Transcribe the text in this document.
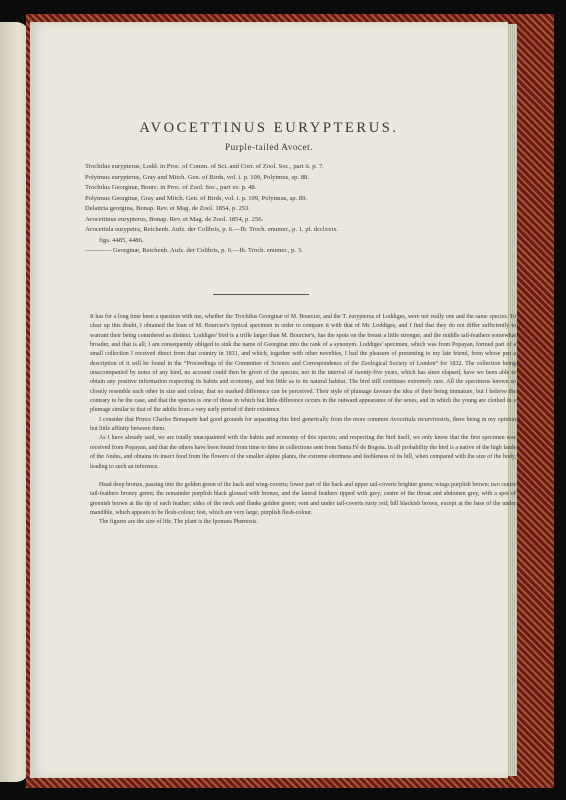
AVOCETTINUS EURYPTERUS.
Purple-tailed Avocet.
Trochilus eurypterus, Lodd. in Proc. of Comm. of Sci. and Corr. of Zool. Soc., part ii. p. 7.
Polytmus eurypterus, Gray and Mitch. Gen. of Birds, vol. i. p. 109, Polytmus, sp. 88.
Trochilus Georginæ, Bourc. in Proc. of Zool. Soc., part xv. p. 48.
Polytmus Georginæ, Gray and Mitch. Gen. of Birds, vol. i. p. 109, Polytmus, sp. 89.
Delattria georgina, Bonap. Rev. et Mag. de Zool. 1854, p. 253.
Avocettinus eurypterus, Bonap. Rev. et Mag. de Zool. 1854, p. 256.
Avocettula eurypetra, Reichenb. Aufz. der Colibris, p. 6.—Ib. Troch. enumer., p. 1. pl. dcclxxix.
figs. 4485, 4486.
———— Georginæ, Reichenb. Aufz. der Colibris, p. 6.—Ib. Troch. enumer., p. 3.

It has for a long time been a question with me, whether the Trochilus Georginæ of M. Bourcier, and the T. eurypterus of Loddiges, were not really one and the same species. To clear up this doubt, I obtained the loan of M. Bourcier's typical specimen in order to compare it with that of Mr. Loddiges, and I find that they do not differ sufficiently to warrant their being considered as distinct. Loddiges' bird is a trifle larger than M. Bourcier's, has the spots on the breast a little stronger, and the middle tail-feathers somewhat broader, and that is all; I am consequently obliged to sink the name of Georginæ into the rank of a synonym. Loddiges' specimen, which was from Popayan, formed part of a small collection I received direct from that country in 1831, and which, together with other novelties, I had the pleasure of presenting to my late friend, from whose pen a description of it will be found in the “Proceedings of the Committee of Science and Correspondence of the Zoological Society of London” for 1832. The collection being unaccompanied by notes of any kind, no account could then be given of the species; nor in the interval of twenty-five years, which has since elapsed, have we been able to obtain any positive information respecting its habits and economy, and but little as to its natural habitat. The bird still continues extremely rare. All the specimens known so closely resemble each other in size and colour, that no marked difference can be perceived. Their style of plumage favours the idea of their being immature, but I believe the contrary to be the case, and that the species is one of those in which but little difference occurs in the outward appearance of the sexes, and in which the young are clothed in a plumage similar to that of the adults from a very early period of their existence.

I consider that Prince Charles Bonaparte had good grounds for separating this bird generically from the more common Avocettula recurvirostris, there being in my opinion but little affinity between them.

As I have already said, we are totally unacquainted with the habits and economy of this species; and respecting the bird itself, we only know that the first specimen was received from Popayan, and that the others have been found from time to time in collections sent from Santa Fé de Bogota. In all probability the bird is a native of the high lands of the Andes, and obtains its insect food from the flowers of the smaller alpine plants, the extreme shortness and feebleness of its bill, when compared with the size of the body, leading to such an inference.

Head deep bronze, passing into the golden green of the back and wing-coverts; lower part of the back and upper tail-coverts brighter green; wings purplish brown; two centre tail-feathers bronzy green; the remainder purplish black glossed with bronze, and the lateral feathers tipped with grey; centre of the throat and abdomen grey, with a spot of greenish brown at the tip of each feather; sides of the neck and flanks golden green; vent and under tail-coverts rusty red; bill blackish brown, except at the base of the under mandible, which appears to be flesh-colour; feet, which are very large, purplish flesh-colour.

The figures are the size of life. The plant is the Ipomæa Phœnosis.
